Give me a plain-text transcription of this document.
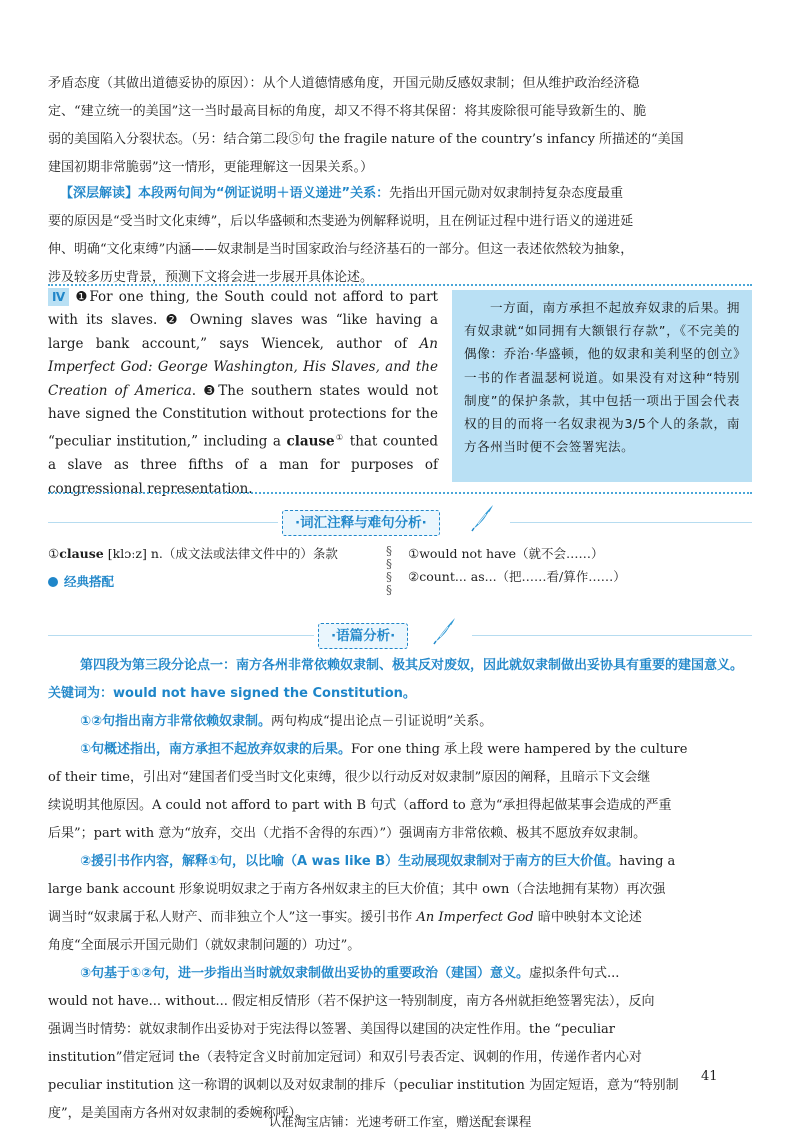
矛盾态度（其做出道德妥协的原因）：从个人道德情感角度，开国元勋反感奴隶制；但从维护政治经济稳

定、“建立统一的美国”这一当时最高目标的角度，却又不得不将其保留：将其废除很可能导致新生的、脆

弱的美国陷入分裂状态。（另：结合第二段⑤句 the fragile nature of the country’s infancy 所描述的“美国

建国初期非常脆弱”这一情形，更能理解这一因果关系。）

【深层解读】本段两句间为“例证说明＋语义递进”关系：先指出开国元勋对奴隶制持复杂态度最重

要的原因是“受当时文化束缚”，后以华盛顿和杰斐逊为例解释说明，且在例证过程中进行语义的递进延

伸、明确“文化束缚”内涵——奴隶制是当时国家政治与经济基石的一部分。但这一表述依然较为抽象，

涉及较多历史背景，预测下文将会进一步展开具体论述。

Ⅳ ❶For one thing, the South could not afford to part with its slaves. ❷ Owning slaves was “like having a large bank account,” says Wiencek, author of An Imperfect God: George Washington, His Slaves, and the Creation of America. ❸The southern states would not have signed the Constitution without protections for the “peculiar institution,” including a clause① that counted a slave as three fifths of a man for purposes of congressional representation.
一方面，南方承担不起放弃奴隶的后果。拥有奴隶就“如同拥有大额银行存款”，《不完美的偶像：乔治·华盛顿，他的奴隶和美利坚的创立》一书的作者温瑟柯说道。如果没有对这种“特别制度”的保护条款，其中包括一项出于国会代表权的目的而将一名奴隶视为3/5个人的条款，南方各州当时便不会签署宪法。
·词汇注释与难句分析·
①clause [klɔːz] n.（成文法或法律文件中的）条款
经典搭配
§
§
§
§
①would not have（就不会……）
②count... as...（把……看/算作……）
·语篇分析·

第四段为第三段分论点一：南方各州非常依赖奴隶制、极其反对废奴，因此就奴隶制做出妥协具有重要的建国意义。关键词为：would not have signed the Constitution。

①②句指出南方非常依赖奴隶制。两句构成“提出论点－引证说明”关系。

①句概述指出，南方承担不起放弃奴隶的后果。For one thing 承上段 were hampered by the culture

of their time，引出对“建国者们受当时文化束缚，很少以行动反对奴隶制”原因的阐释，且暗示下文会继

续说明其他原因。A could not afford to part with B 句式（afford to 意为“承担得起做某事会造成的严重

后果”；part with 意为“放弃，交出（尤指不舍得的东西）”）强调南方非常依赖、极其不愿放弃奴隶制。

②援引书作内容，解释①句，以比喻（A was like B）生动展现奴隶制对于南方的巨大价值。having a

large bank account 形象说明奴隶之于南方各州奴隶主的巨大价值；其中 own（合法地拥有某物）再次强

调当时“奴隶属于私人财产、而非独立个人”这一事实。援引书作 An Imperfect God 暗中映射本文论述

角度“全面展示开国元勋们（就奴隶制问题的）功过”。

③句基于①②句，进一步指出当时就奴隶制做出妥协的重要政治（建国）意义。虚拟条件句式...

would not have... without... 假定相反情形（若不保护这一特别制度，南方各州就拒绝签署宪法），反向

强调当时情势：就奴隶制作出妥协对于宪法得以签署、美国得以建国的决定性作用。the “peculiar

institution”借定冠词 the（表特定含义时前加定冠词）和双引号表否定、讽刺的作用，传递作者内心对

peculiar institution 这一称谓的讽刺以及对奴隶制的排斥（peculiar institution 为固定短语，意为“特别制

度”，是美国南方各州对奴隶制的委婉称呼）。

41
认准淘宝店铺：光速考研工作室，赠送配套课程
